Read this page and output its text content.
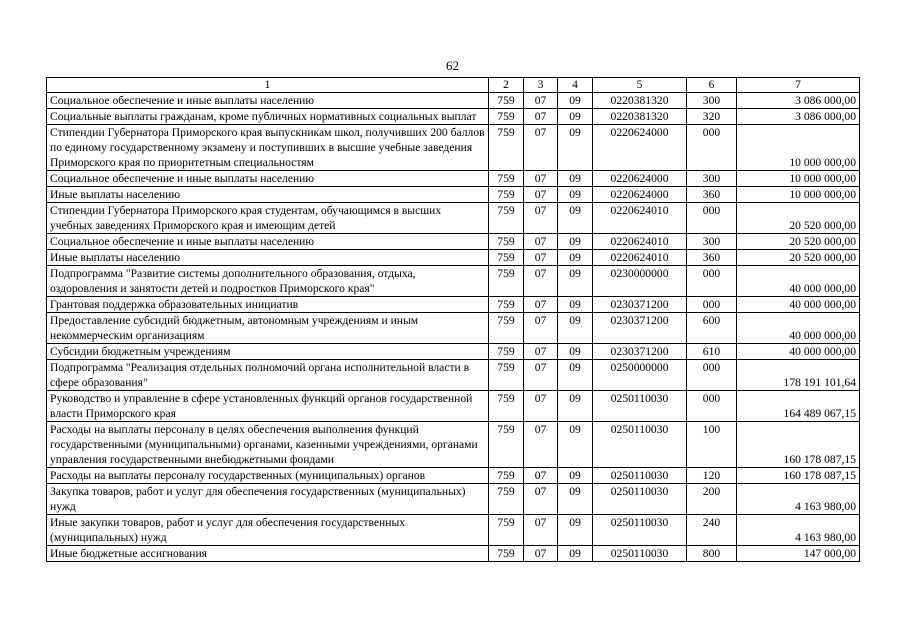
62
1	2	3	4	5	6	7
Социальное обеспечение и иные выплаты населению	759	07	09	0220381320	300	3 086 000,00
Социальные выплаты гражданам, кроме публичных нормативных социальных выплат	759	07	09	0220381320	320	3 086 000,00
Стипендии Губернатора Приморского края выпускникам школ, получивших 200 баллов по единому государственному экзамену и поступивших в высшие учебные заведения Приморского края по приоритетным специальностям	759	07	09	0220624000	000	10 000 000,00
Социальное обеспечение и иные выплаты населению	759	07	09	0220624000	300	10 000 000,00
Иные выплаты населению	759	07	09	0220624000	360	10 000 000,00
Стипендии Губернатора Приморского края студентам, обучающимся в высших учебных заведениях Приморского края и имеющим детей	759	07	09	0220624010	000	20 520 000,00
Социальное обеспечение и иные выплаты населению	759	07	09	0220624010	300	20 520 000,00
Иные выплаты населению	759	07	09	0220624010	360	20 520 000,00
Подпрограмма "Развитие системы дополнительного образования, отдыха, оздоровления и занятости детей и подростков Приморского края"	759	07	09	0230000000	000	40 000 000,00
Грантовая поддержка образовательных инициатив	759	07	09	0230371200	000	40 000 000,00
Предоставление субсидий бюджетным, автономным учреждениям и иным некоммерческим организациям	759	07	09	0230371200	600	40 000 000,00
Субсидии бюджетным учреждениям	759	07	09	0230371200	610	40 000 000,00
Подпрограмма "Реализация отдельных полномочий органа исполнительной власти в сфере образования"	759	07	09	0250000000	000	178 191 101,64
Руководство и управление в сфере установленных функций органов государственной власти Приморского края	759	07	09	0250110030	000	164 489 067,15
Расходы на выплаты персоналу в целях обеспечения выполнения функций государственными (муниципальными) органами, казенными учреждениями, органами управления государственными внебюджетными фондами	759	07	09	0250110030	100	160 178 087,15
Расходы на выплаты персоналу государственных (муниципальных) органов	759	07	09	0250110030	120	160 178 087,15
Закупка товаров, работ и услуг для обеспечения государственных (муниципальных) нужд	759	07	09	0250110030	200	4 163 980,00
Иные закупки товаров, работ и услуг для обеспечения государственных (муниципальных) нужд	759	07	09	0250110030	240	4 163 980,00
Иные бюджетные ассигнования	759	07	09	0250110030	800	147 000,00
